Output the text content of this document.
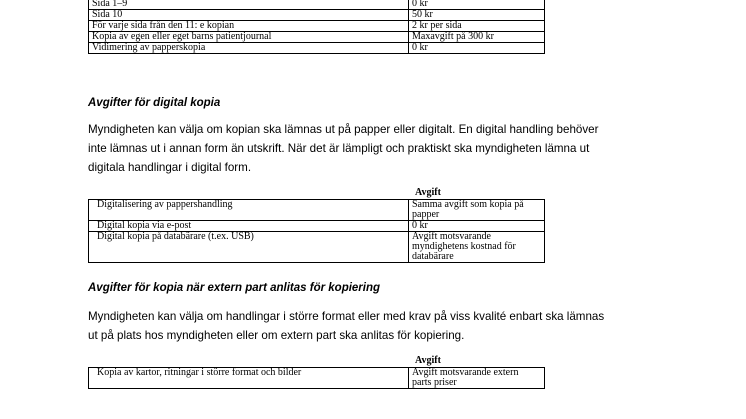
Sida 1–9	0 kr
Sida 10	50 kr
För varje sida från den 11: e kopian	2 kr per sida
Kopia av egen eller eget barns patientjournal	Maxavgift på 300 kr
Vidimering av papperskopia	0 kr
Avgifter för digital kopia

Myndigheten kan välja om kopian ska lämnas ut på papper eller digitalt. En digital handling behöver
inte lämnas ut i annan form än utskrift. När det är lämpligt och praktiskt ska myndigheten lämna ut
digitala handlingar i digital form.

Avgift
Digitalisering av pappershandling	Samma avgift som kopia på
papper

Digital kopia via e-post	0 kr

Digital kopia på databärare (t.ex. USB)	Avgift motsvarande
myndighetens kostnad för
databärare
Avgifter för kopia när extern part anlitas för kopiering

Myndigheten kan välja om handlingar i större format eller med krav på viss kvalité enbart ska lämnas
ut på plats hos myndigheten eller om extern part ska anlitas för kopiering.

Avgift
Kopia av kartor, ritningar i större format och bilder	Avgift motsvarande extern
parts priser
